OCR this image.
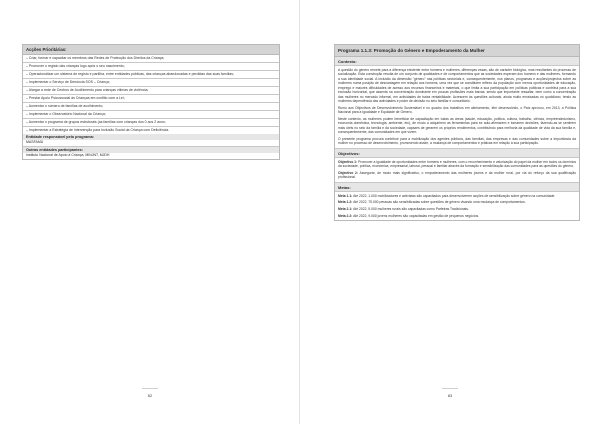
Acções Prioritárias:
– Criar, formar e capacitar os membros das Redes de Protecção dos Direitos da Criança;
– Promover o registo das crianças logo após o seu nascimento;
– Operacionalizar um sistema de registo e partilha, entre entidades públicas, das crianças abandonadas e perdidas das suas famílias;
– Implementar o Serviço de Denúncia SOS – Criança;
– Alargar a rede de Centros de Acolhimento para crianças vítimas de violência;
– Prestar Apoio Psicossocial às Crianças em conflito com a Lei;
– Aumentar o número de famílias de acolhimento;
– Implementar o Observatório Nacional da Criança;
– Aumentar o programa de grupos estruturais (as famílias com crianças dos 0 aos 2 anos;
– Implementar a Estratégia de Intervenção para Inclusão Social da Criança com Deficiência.
Entidade responsável pelo programa:
MASFAMU
Outras entidades participantes:
Instituto Nacional de Apoio à Criança, MINJNT, MJDH
82
Programa 1.1.3: Promoção do Género e Empoderamento da Mulher
Contexto:

A questão do género remete para a diferença existente entre homens e mulheres, diferenças essas, são de carácter biológico, mas resultantes do processo de socialização. Esta construção resulta de um conjunto de qualidades e de comportamentos que as sociedades esperam dos homens e das mulheres, formando a sua identidade social. A inclusão da dimensão "género" nas políticas sectoriais e, consequentemente, nos planos, programas e acções/projectos sobre as mulheres numa posição de desvantagem em relação aos homens, uma vez que se constituem reflexo da população com menos oportunidades de educação, emprego e maiores dificuldades de acesso aos recursos financeiros e materiais, o que limita a sua participação em políticas públicas e contribui para a sua exclusão horizontal, que assenta na concentração dominante em poucas profissões mais baixas, sendo que importante ressaltar, bem como a concentração das mulheres no mercado informal, em actividades de baixa rentabilidade. Acrescem às questões culturais, ainda muito enraizadas no quotidiano, tendo as mulheres dependência das actividades e poder de decisão no seio familiar e comunitário.

Rumo aos Objectivos de Desenvolvimento Sustentável e no quadro dos trabalhos em alinhamento, têm desenvolvido, o País aprovou, em 2013, a Política Nacional para a Igualdade e Equidade de Género.

Neste contexto, as mulheres podem beneficiar de capacitação em todas as áreas (saúde, educação, política, cultura, trabalho, ciência, empreendedorismo, economia doméstica, tecnologia, ambiente, etc), de modo a adquirirem as ferramentas para se auto-afirmarem e tomarem decisões, fazendo-as se sentirem mais úteis no seio da família e da sociedade, capazes de gerarem os próprios rendimentos, contribuindo para melhoria da qualidade de vida da sua família e, consequentemente, das comunidades em que vivem.

O presente programa procura contribuir para a mobilização dos agentes públicos, das famílias, das empresas e das comunidades sobre a importância da mulher no processo de desenvolvimento, promovendo assim, a mudança de comportamentos e práticas em relação à sua participação.

Objectivos:

Objectivo 1: Promover a igualdade de oportunidades entre homens e mulheres, com o reconhecimento e valorização do papel da mulher em todos os domínios da sociedade, política, económica, empresarial, laboral, pessoal e familiar através da formação e sensibilização das comunidades para as questões do género.

Objectivo 2: Assegurar, de modo mais significativo, o empoderamento das mulheres jovens e da mulher rural, por via do reforço da sua qualificação profissional.

Metas:

Meta 1.1: Até 2022, 1.000 mobilizadores e activistas são capacitados para desenvolverem acções de sensibilização sobre género na comunidade.

Meta 1.2: Até 2022, 75.000 pessoas são sensibilizadas sobre questões de género visando uma mudança de comportamentos.

Meta 2.1: Até 2022, 5.000 mulheres rurais são capacitadas como Parteiras Tradicionais.

Meta 2.2: Até 2022, 9.000 jovens mulheres são capacitadas em gestão de pequenos negócios.

83
